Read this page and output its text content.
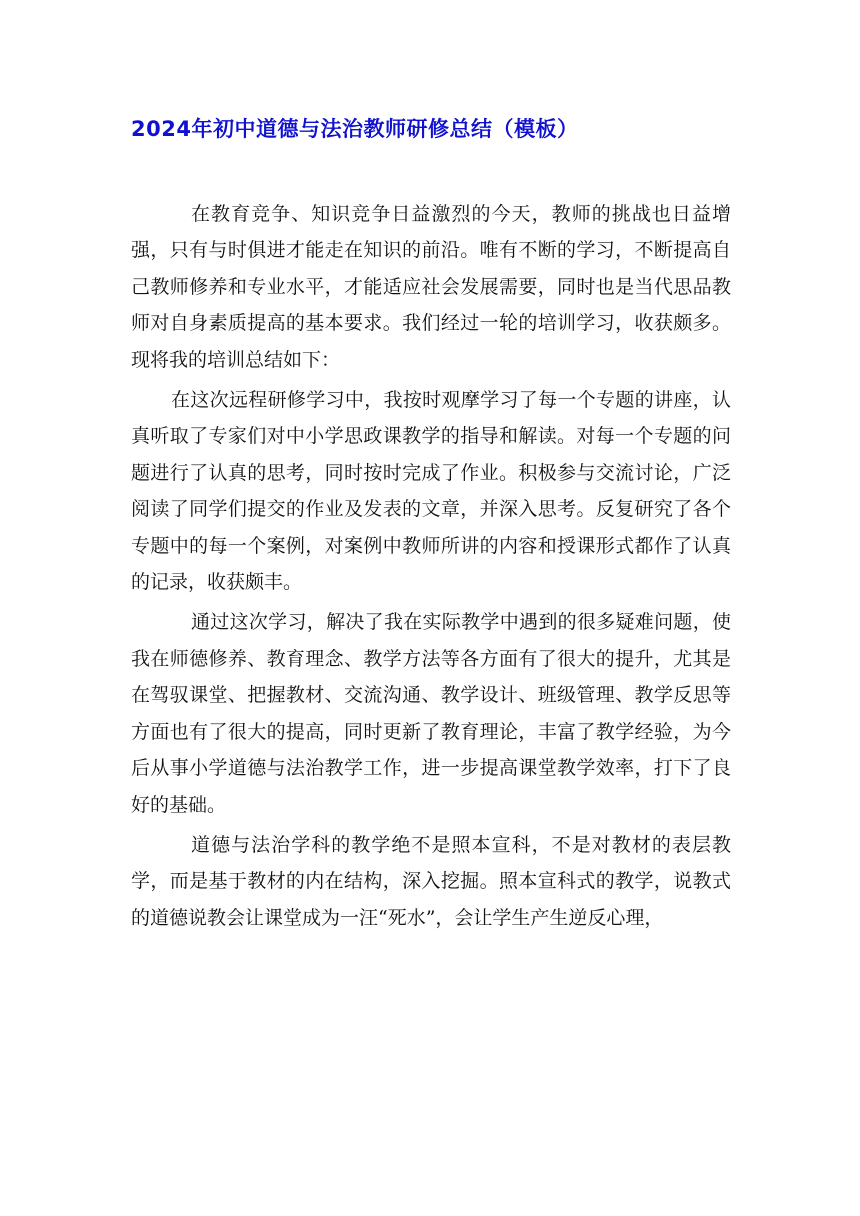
2024年初中道德与法治教师研修总结（模板）

在教育竞争、知识竞争日益激烈的今天，教师的挑战也日益增强，只有与时俱进才能走在知识的前沿。唯有不断的学习，不断提高自己教师修养和专业水平，才能适应社会发展需要，同时也是当代思品教师对自身素质提高的基本要求。我们经过一轮的培训学习，收获颇多。现将我的培训总结如下：

在这次远程研修学习中，我按时观摩学习了每一个专题的讲座，认真听取了专家们对中小学思政课教学的指导和解读。对每一个专题的问题进行了认真的思考，同时按时完成了作业。积极参与交流讨论，广泛阅读了同学们提交的作业及发表的文章，并深入思考。反复研究了各个专题中的每一个案例，对案例中教师所讲的内容和授课形式都作了认真的记录，收获颇丰。

通过这次学习，解决了我在实际教学中遇到的很多疑难问题，使我在师德修养、教育理念、教学方法等各方面有了很大的提升，尤其是在驾驭课堂、把握教材、交流沟通、教学设计、班级管理、教学反思等方面也有了很大的提高，同时更新了教育理论，丰富了教学经验，为今后从事小学道德与法治教学工作，进一步提高课堂教学效率，打下了良好的基础。

道德与法治学科的教学绝不是照本宣科，不是对教材的表层教学，而是基于教材的内在结构，深入挖掘。照本宣科式的教学，说教式的道德说教会让课堂成为一汪“死水”，会让学生产生逆反心理，
